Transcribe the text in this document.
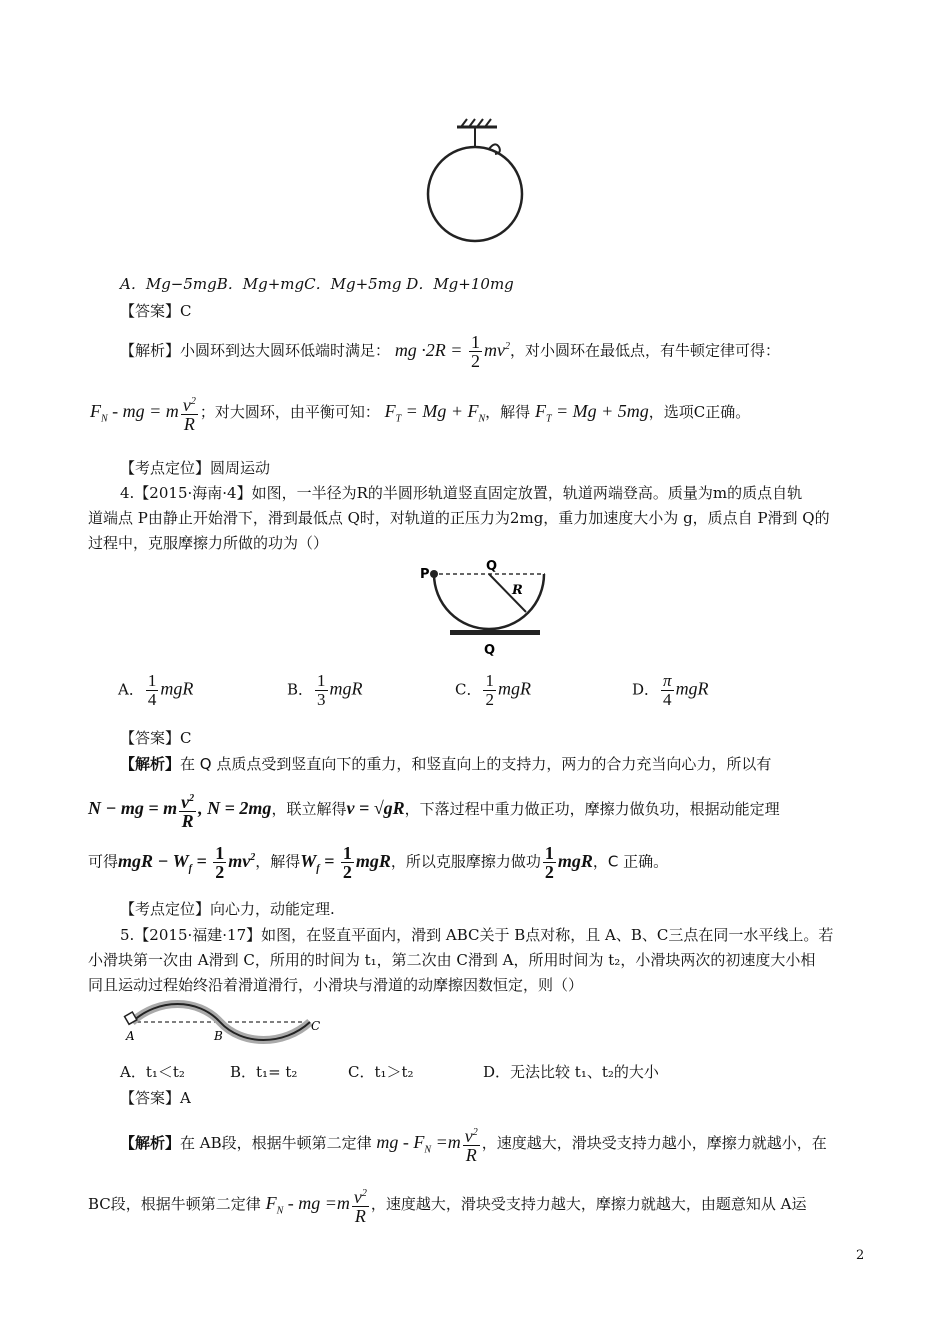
A．Mg−5mgB．Mg+mgC．Mg+5mg D．Mg+10mg
【答案】C
【解析】小圆环到达大圆环低端时满足： mg $\cdot 2R = \frac{1}{2} mv^2$，对小圆环在最低点，有牛顿定律可得：
$F_N$ - mg = m $\frac{v^2}{R}$ ；对大圆环，由平衡可知： $F_T = Mg + F_N$，解得 $F_T = Mg + 5mg$，选项C正确。
【考点定位】圆周运动
4.【2015·海南·4】如图，一半径为R的半圆形轨道竖直固定放置，轨道两端登高。质量为m的质点自轨
道端点 P由静止开始滑下，滑到最低点 Q时，对轨道的正压力为2mg，重力加速度大小为 g，质点自 P滑到 Q的
过程中，克服摩擦力所做的功为（）
P
Q
R
Q
A． $\frac{1}{4}$ mgR	B． $\frac{1}{3}$ mgR	C． $\frac{1}{2}$ mgR	D． $\frac{\pi}{4}$ mgR
【答案】C
【解析】在 Q 点质点受到竖直向下的重力，和竖直向上的支持力，两力的合力充当向心力，所以有
N − mg = m $\frac{v^2}{R}$ , N = 2mg，联立解得v = √gR，下落过程中重力做正功，摩擦力做负功，根据动能定理
可得mgR − $W_f = \frac{1}{2} mv^2$，解得$W_f = \frac{1}{2}$ mgR，所以克服摩擦力做功 $\frac{1}{2}$ mgR，C 正确。
【考点定位】向心力，动能定理.
5.【2015·福建·17】如图，在竖直平面内，滑到 ABC关于 B点对称，且 A、B、C三点在同一水平线上。若
小滑块第一次由 A滑到 C，所用的时间为 t₁，第二次由 C滑到 A，所用时间为 t₂，小滑块两次的初速度大小相
同且运动过程始终沿着滑道滑行，小滑块与滑道的动摩擦因数恒定，则（）
A	B
C
A．t₁＜t₂	B．t₁= t₂	C．t₁＞t₂	D．无法比较 t₁、t₂的大小
【答案】A
【解析】在 AB段，根据牛顿第二定律 mg - $F_N =m \frac{v^2}{R}$ ，速度越大，滑块受支持力越小，摩擦力就越小，在
BC段，根据牛顿第二定律 $F_N$ - mg $=m \frac{v^2}{R}$ ，速度越大，滑块受支持力越大，摩擦力就越大，由题意知从 A运
2
